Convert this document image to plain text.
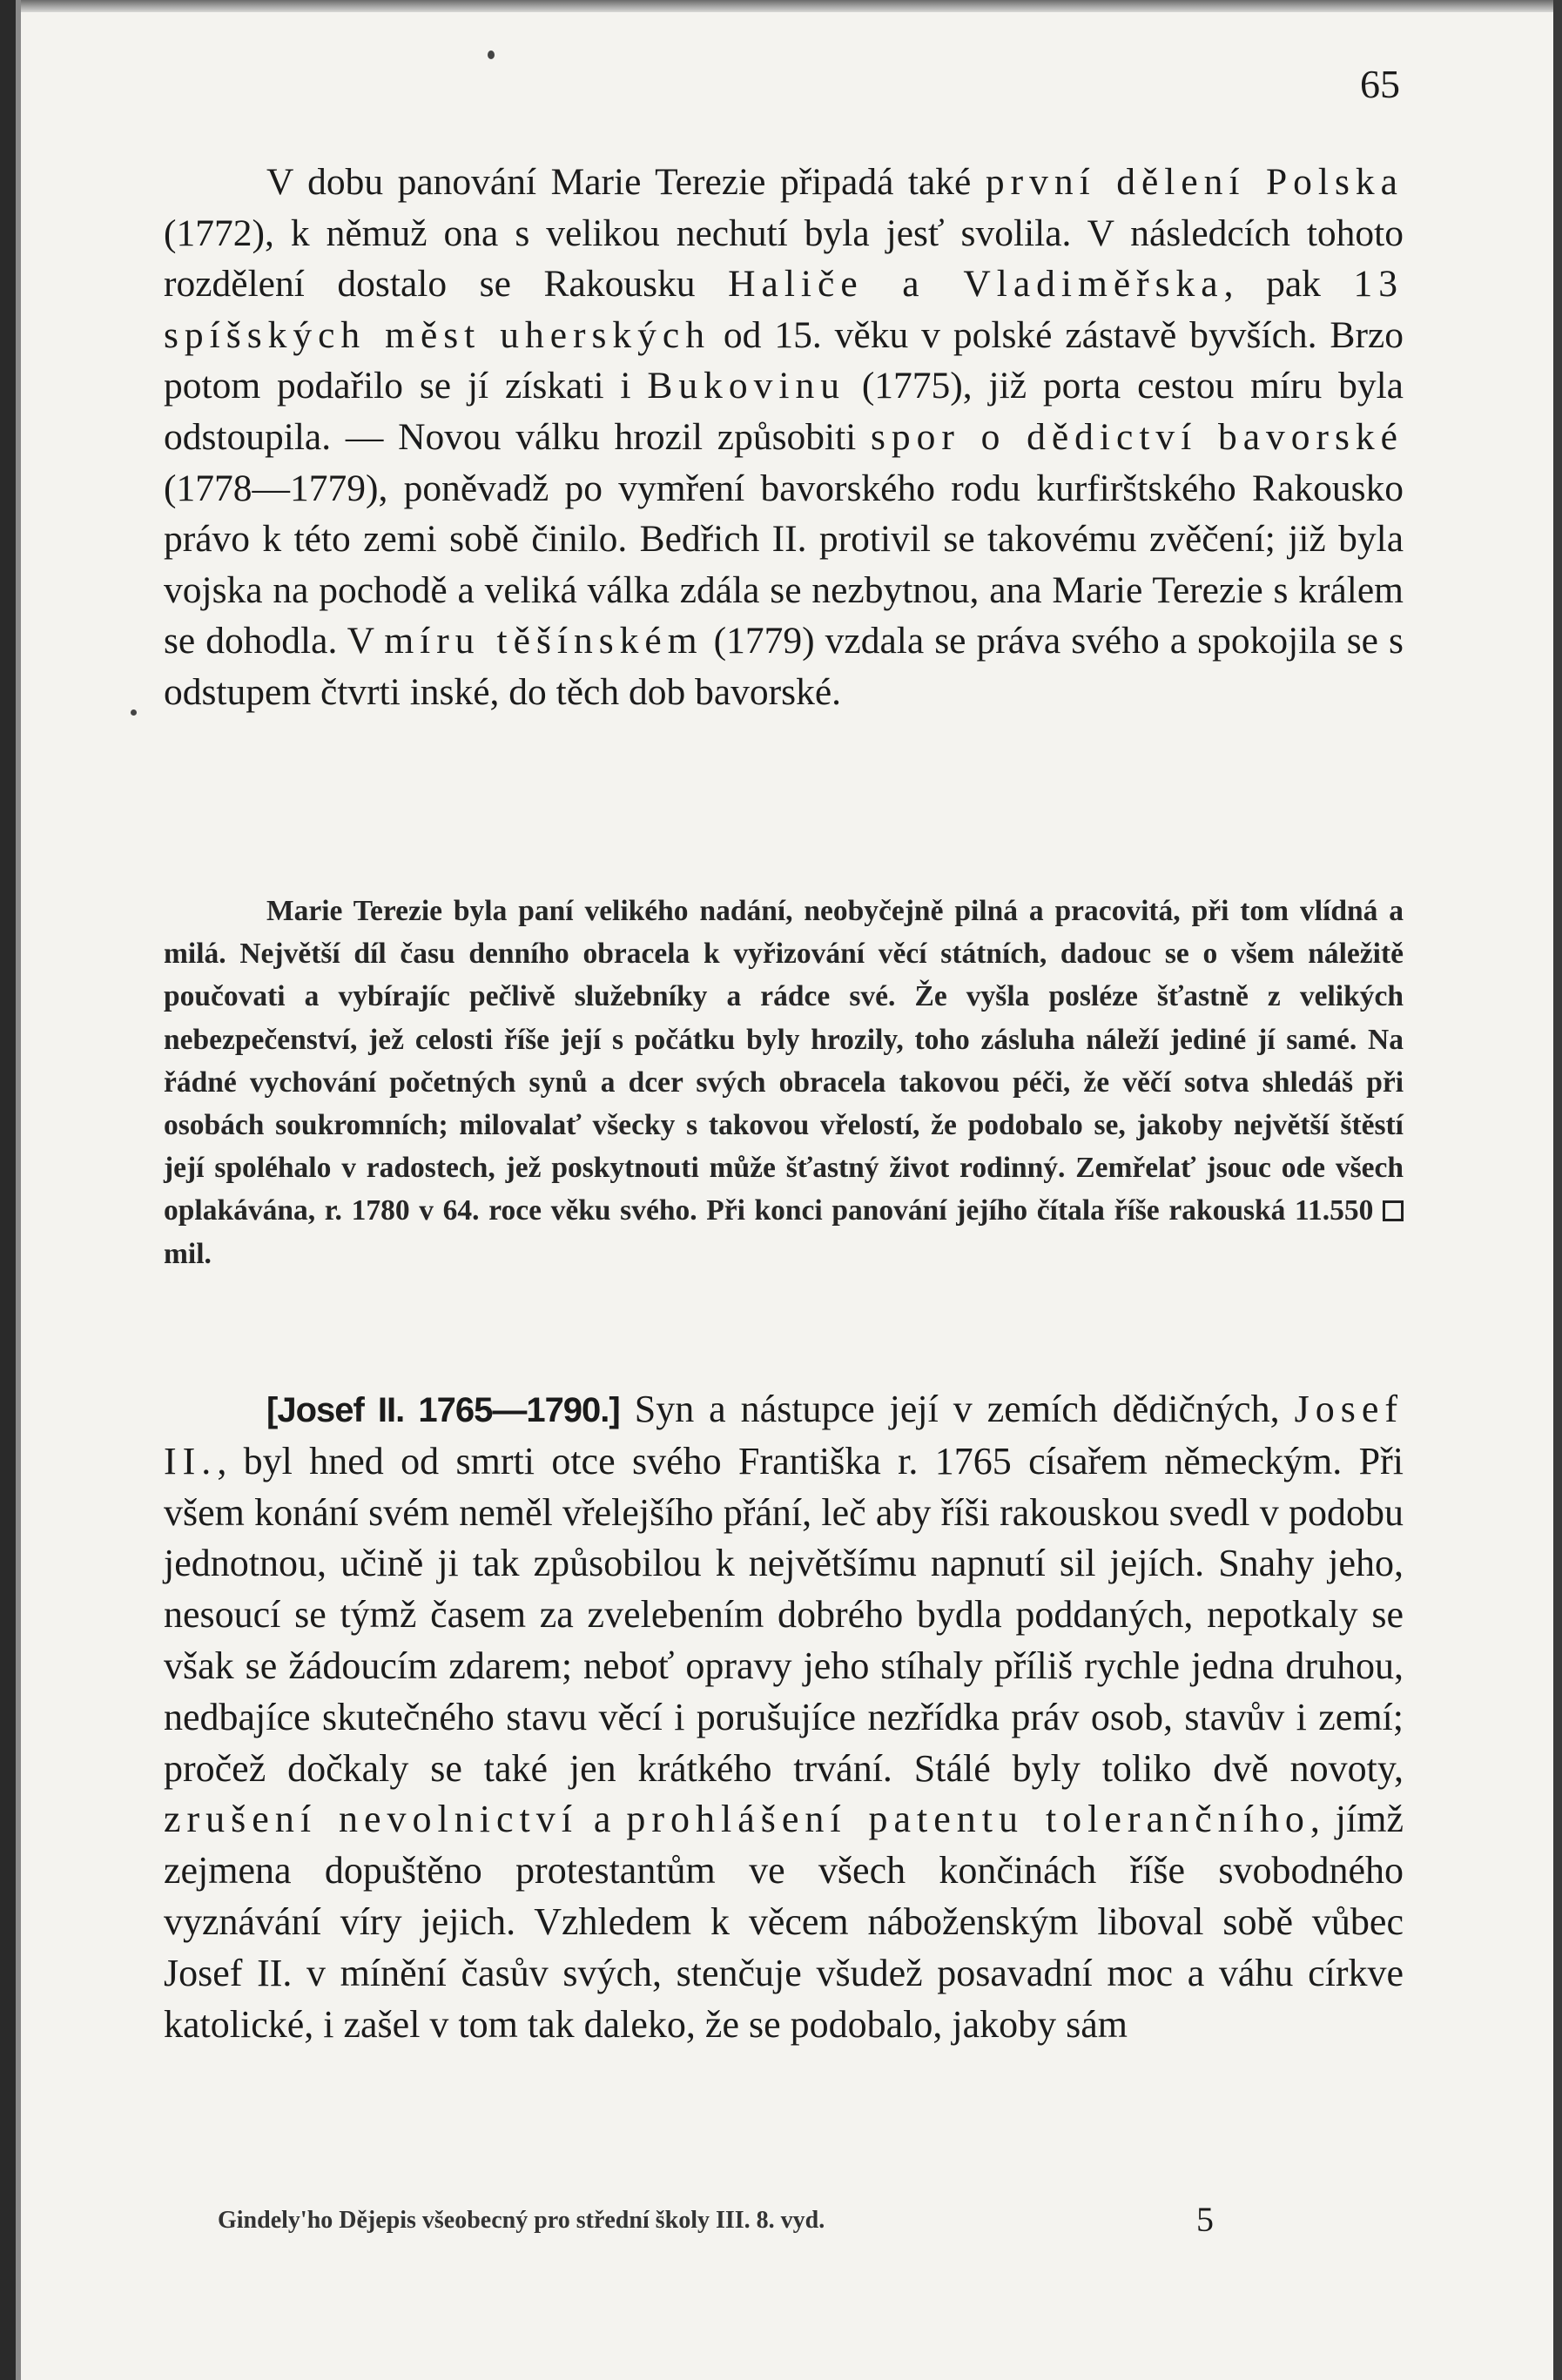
65

V dobu panování Marie Terezie připadá také první dělení Polska (1772), k němuž ona s velikou nechutí byla jesť svolila. V následcích tohoto rozdělení dostalo se Rakousku Haliče a Vladiměřska, pak 13 spíšských měst uherských od 15. věku v polské zástavě byvších. Brzo potom podařilo se jí získati i Bukovinu (1775), již porta cestou míru byla odstoupila. — Novou válku hrozil způsobiti spor o dědictví bavorské (1778—1779), poněvadž po vymření bavorského rodu kurfirštského Rakousko právo k této zemi sobě činilo. Bedřich II. protivil se takovému zvěčení; již byla vojska na pochodě a veliká válka zdála se nezbytnou, ana Marie Terezie s králem se dohodla. V míru těšínském (1779) vzdala se práva svého a spokojila se s odstupem čtvrti inské, do těch dob bavorské.

Marie Terezie byla paní velikého nadání, neobyčejně pilná a pracovitá, při tom vlídná a milá. Největší díl času denního obracela k vyřizování věcí státních, dadouc se o všem náležitě poučovati a vybírajíc pečlivě služebníky a rádce své. Že vyšla posléze šťastně z velikých nebezpečenství, jež celosti říše její s počátku byly hrozily, toho zásluha náleží jediné jí samé. Na řádné vychování početných synů a dcer svých obracela takovou péči, že věčí sotva shledáš při osobách soukromních; milovalať všecky s takovou vřelostí, že podobalo se, jakoby největší štěstí její spoléhalo v radostech, jež poskytnouti může šťastný život rodinný. Zemřelať jsouc ode všech oplakávána, r. 1780 v 64. roce věku svého. Při konci panování jejího čítala říše rakouská 11.550  mil.

[Josef II. 1765—1790.] Syn a nástupce její v zemích dědičných, Josef II., byl hned od smrti otce svého Františka r. 1765 císařem německým. Při všem konání svém neměl vřelejšího přání, leč aby říši rakouskou svedl v podobu jednotnou, učině ji tak způsobilou k největšímu napnutí sil jejích. Snahy jeho, nesoucí se týmž časem za zvelebením dobrého bydla poddaných, nepotkaly se však se žádoucím zdarem; neboť opravy jeho stíhaly příliš rychle jedna druhou, nedbajíce skutečného stavu věcí i porušujíce nezřídka práv osob, stavův i zemí; pročež dočkaly se také jen krátkého trvání. Stálé byly toliko dvě novoty, zrušení nevolnictví a prohlášení patentu tolerančního, jímž zejmena dopuštěno protestantům ve všech končinách říše svobodného vyznávání víry jejich. Vzhledem k věcem náboženským liboval sobě vůbec Josef II. v mínění časův svých, stenčuje všudež posavadní moc a váhu církve katolické, i zašel v tom tak daleko, že se podobalo, jakoby sám

Gindely'ho Dějepis všeobecný pro střední školy III. 8. vyd.	5
